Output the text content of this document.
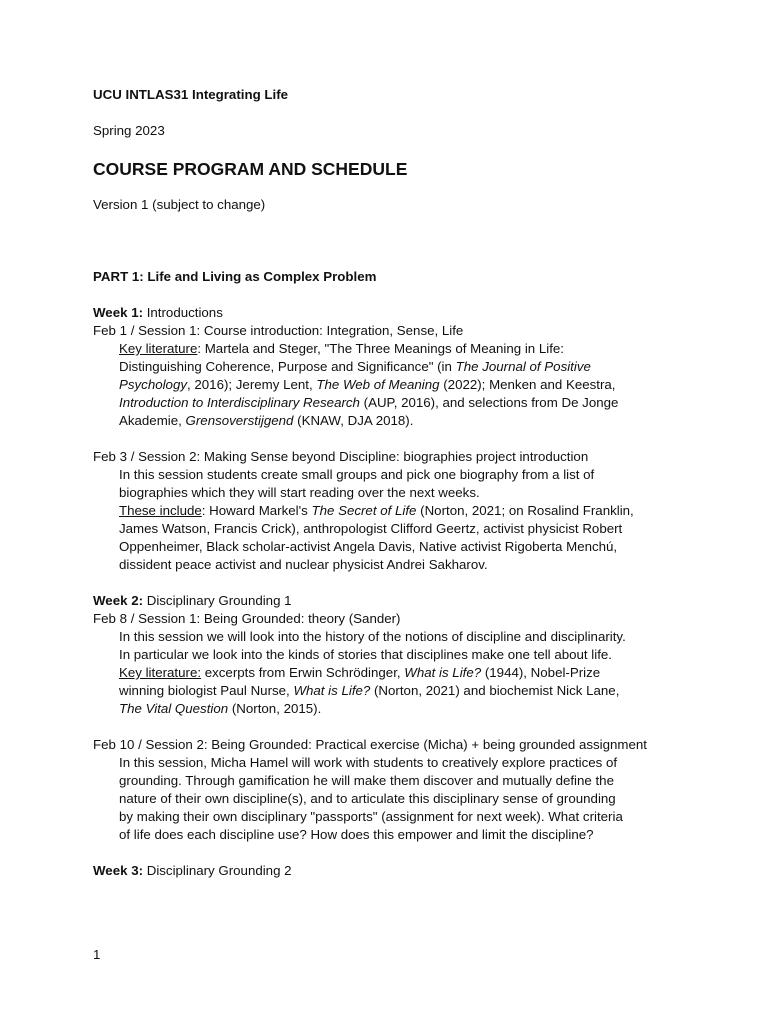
UCU INTLAS31 Integrating Life
Spring 2023
COURSE PROGRAM AND SCHEDULE
Version 1 (subject to change)
PART 1: Life and Living as Complex Problem
Week 1: Introductions
Feb 1 / Session 1: Course introduction: Integration, Sense, Life
Key literature: Martela and Steger, "The Three Meanings of Meaning in Life:
Distinguishing Coherence, Purpose and Significance" (in The Journal of Positive
Psychology, 2016); Jeremy Lent, The Web of Meaning (2022); Menken and Keestra,
Introduction to Interdisciplinary Research (AUP, 2016), and selections from De Jonge
Akademie, Grensoverstijgend (KNAW, DJA 2018).
Feb 3 / Session 2: Making Sense beyond Discipline: biographies project introduction
In this session students create small groups and pick one biography from a list of
biographies which they will start reading over the next weeks.
These include: Howard Markel's The Secret of Life (Norton, 2021; on Rosalind Franklin,
James Watson, Francis Crick), anthropologist Clifford Geertz, activist physicist Robert
Oppenheimer, Black scholar-activist Angela Davis, Native activist Rigoberta Menchú,
dissident peace activist and nuclear physicist Andrei Sakharov.
Week 2: Disciplinary Grounding 1
Feb 8 / Session 1: Being Grounded: theory (Sander)
In this session we will look into the history of the notions of discipline and disciplinarity.
In particular we look into the kinds of stories that disciplines make one tell about life.
Key literature: excerpts from Erwin Schrödinger, What is Life? (1944), Nobel-Prize
winning biologist Paul Nurse, What is Life? (Norton, 2021) and biochemist Nick Lane,
The Vital Question (Norton, 2015).
Feb 10 / Session 2: Being Grounded: Practical exercise (Micha) + being grounded assignment
In this session, Micha Hamel will work with students to creatively explore practices of
grounding. Through gamification he will make them discover and mutually define the
nature of their own discipline(s), and to articulate this disciplinary sense of grounding
by making their own disciplinary "passports" (assignment for next week). What criteria
of life does each discipline use? How does this empower and limit the discipline?
Week 3: Disciplinary Grounding 2
1
